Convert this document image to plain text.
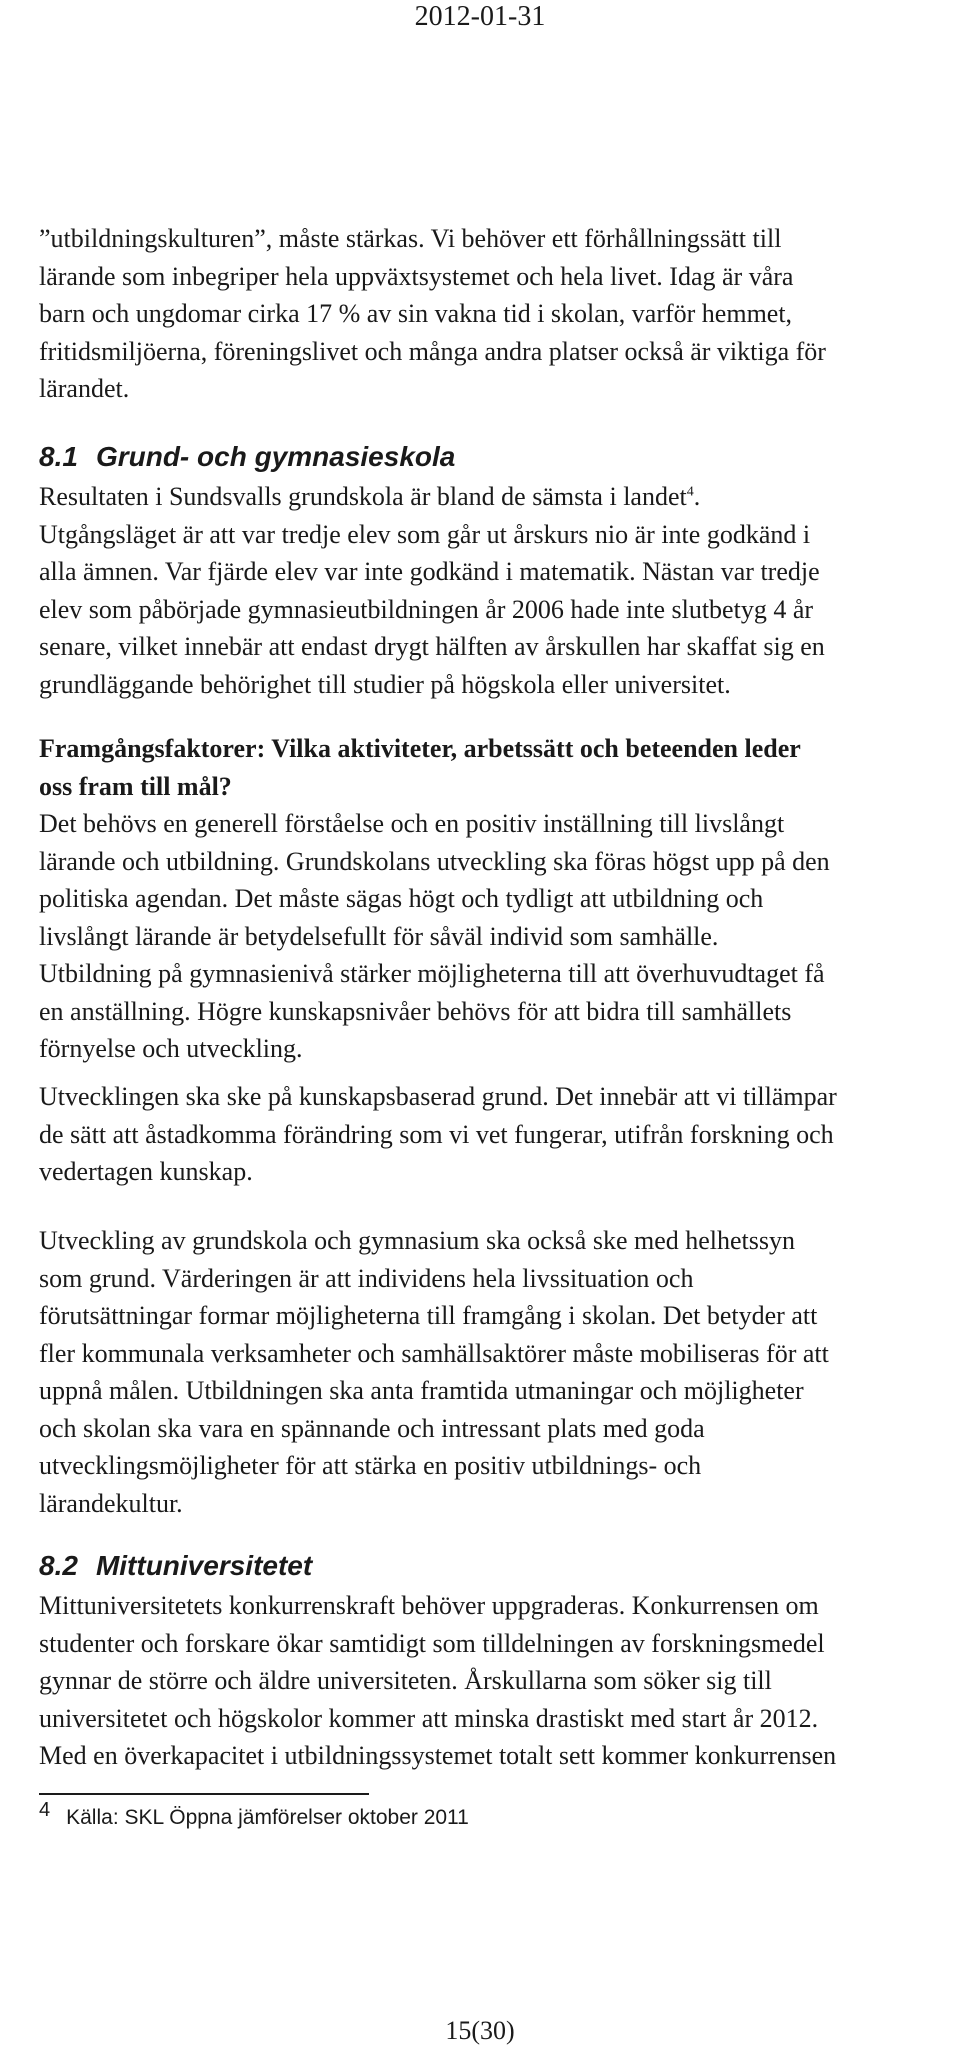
2012-01-31

”utbildningskulturen”, måste stärkas. Vi behöver ett förhållningssätt till

lärande som inbegriper hela uppväxtsystemet och hela livet. Idag är våra

barn och ungdomar cirka 17 % av sin vakna tid i skolan, varför hemmet,

fritidsmiljöerna, föreningslivet och många andra platser också är viktiga för

lärandet.

8.1 Grund- och gymnasieskola

Resultaten i Sundsvalls grundskola är bland de sämsta i landet$^4$.

Utgångsläget är att var tredje elev som går ut årskurs nio är inte godkänd i

alla ämnen. Var fjärde elev var inte godkänd i matematik. Nästan var tredje

elev som påbörjade gymnasieutbildningen år 2006 hade inte slutbetyg 4 år

senare, vilket innebär att endast drygt hälften av årskullen har skaffat sig en

grundläggande behörighet till studier på högskola eller universitet.

Framgångsfaktorer: Vilka aktiviteter, arbetssätt och beteenden leder

oss fram till mål?

Det behövs en generell förståelse och en positiv inställning till livslångt

lärande och utbildning. Grundskolans utveckling ska föras högst upp på den

politiska agendan. Det måste sägas högt och tydligt att utbildning och

livslångt lärande är betydelsefullt för såväl individ som samhälle.

Utbildning på gymnasienivå stärker möjligheterna till att överhuvudtaget få

en anställning. Högre kunskapsnivåer behövs för att bidra till samhällets

förnyelse och utveckling.

Utvecklingen ska ske på kunskapsbaserad grund. Det innebär att vi tillämpar

de sätt att åstadkomma förändring som vi vet fungerar, utifrån forskning och

vedertagen kunskap.

Utveckling av grundskola och gymnasium ska också ske med helhetssyn

som grund. Värderingen är att individens hela livssituation och

förutsättningar formar möjligheterna till framgång i skolan. Det betyder att

fler kommunala verksamheter och samhällsaktörer måste mobiliseras för att

uppnå målen. Utbildningen ska anta framtida utmaningar och möjligheter

och skolan ska vara en spännande och intressant plats med goda

utvecklingsmöjligheter för att stärka en positiv utbildnings- och

lärandekultur.

8.2 Mittuniversitetet

Mittuniversitetets konkurrenskraft behöver uppgraderas. Konkurrensen om

studenter och forskare ökar samtidigt som tilldelningen av forskningsmedel

gynnar de större och äldre universiteten. Årskullarna som söker sig till

universitetet och högskolor kommer att minska drastiskt med start år 2012.

Med en överkapacitet i utbildningssystemet totalt sett kommer konkurrensen

4 Källa: SKL Öppna jämförelser oktober 2011
15(30)
